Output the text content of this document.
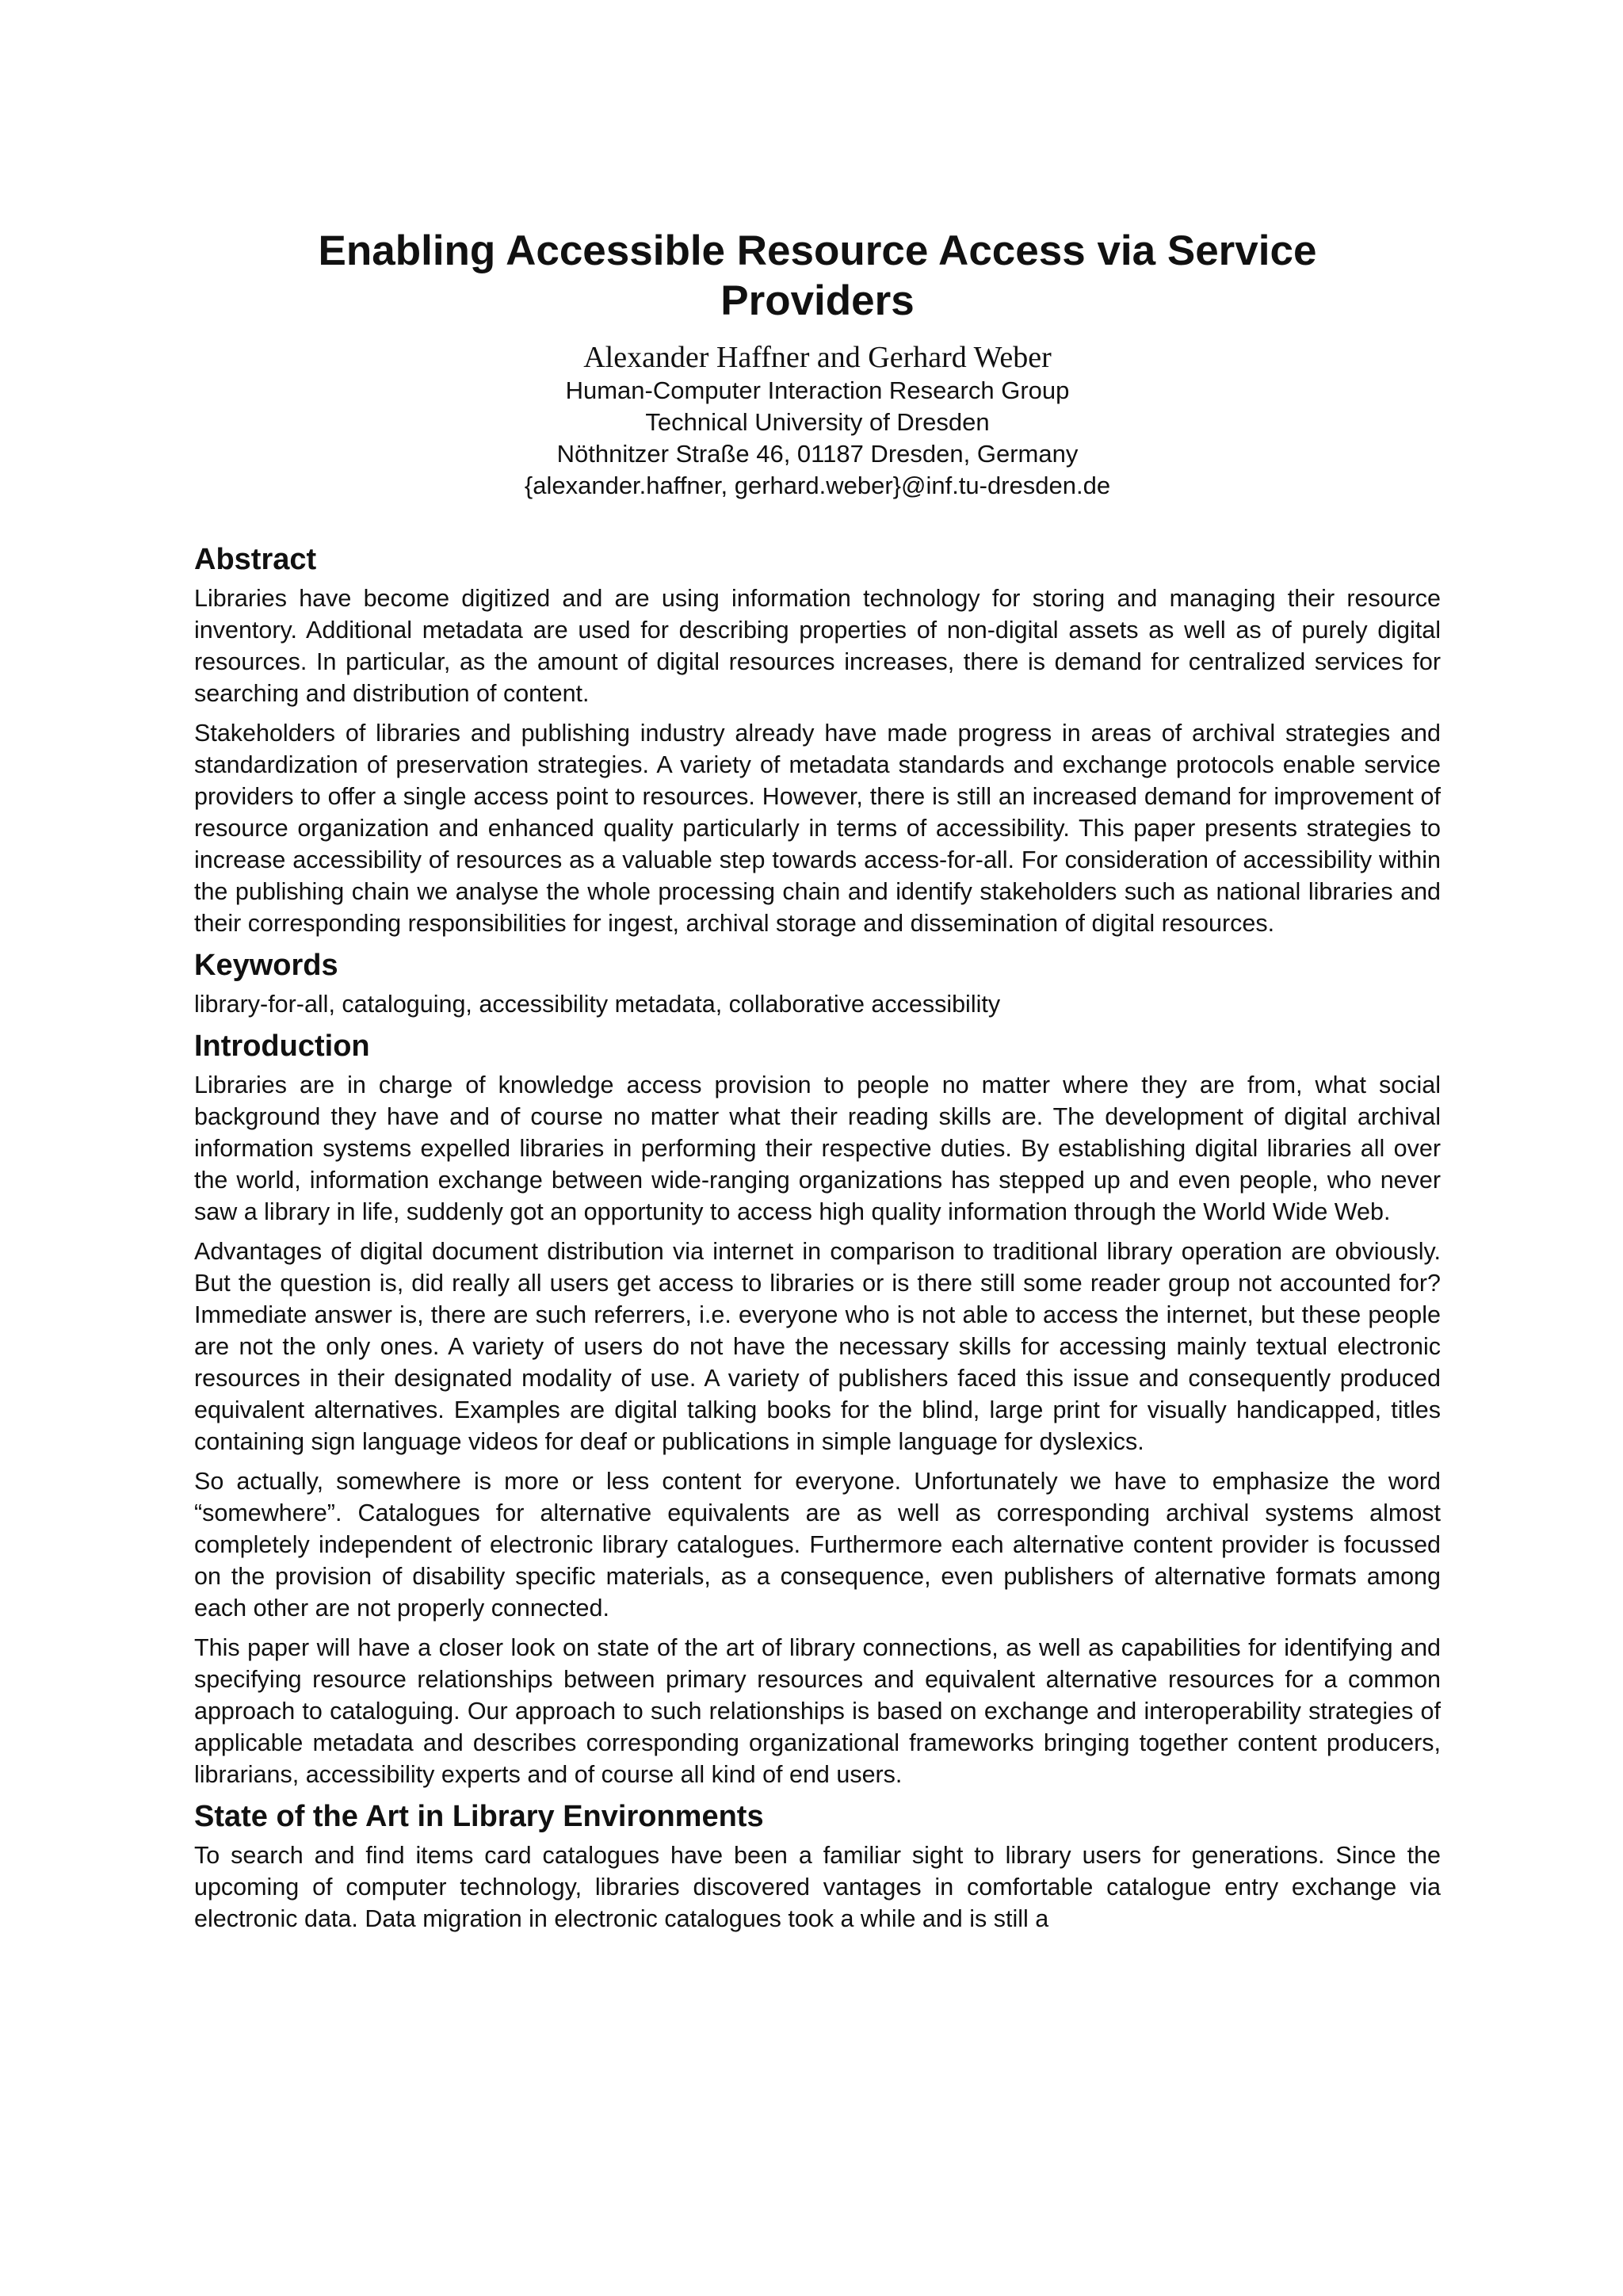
Enabling Accessible Resource Access via Service Providers
Alexander Haffner and Gerhard Weber
Human-Computer Interaction Research Group
Technical University of Dresden
Nöthnitzer Straße 46, 01187 Dresden, Germany
{alexander.haffner, gerhard.weber}@inf.tu-dresden.de
Abstract

Libraries have become digitized and are using information technology for storing and managing their resource inventory. Additional metadata are used for describing properties of non-digital assets as well as of purely digital resources. In particular, as the amount of digital resources increases, there is demand for centralized services for searching and distribution of content.

Stakeholders of libraries and publishing industry already have made progress in areas of archival strategies and standardization of preservation strategies. A variety of metadata standards and exchange protocols enable service providers to offer a single access point to resources. However, there is still an increased demand for improvement of resource organization and enhanced quality particularly in terms of accessibility. This paper presents strategies to increase accessibility of resources as a valuable step towards access-for-all. For consideration of accessibility within the publishing chain we analyse the whole processing chain and identify stakeholders such as national libraries and their corresponding responsibilities for ingest, archival storage and dissemination of digital resources.

Keywords

library-for-all, cataloguing, accessibility metadata, collaborative accessibility

Introduction

Libraries are in charge of knowledge access provision to people no matter where they are from, what social background they have and of course no matter what their reading skills are. The development of digital archival information systems expelled libraries in performing their respective duties. By establishing digital libraries all over the world, information exchange between wide-ranging organizations has stepped up and even people, who never saw a library in life, suddenly got an opportunity to access high quality information through the World Wide Web.

Advantages of digital document distribution via internet in comparison to traditional library operation are obviously. But the question is, did really all users get access to libraries or is there still some reader group not accounted for? Immediate answer is, there are such referrers, i.e. everyone who is not able to access the internet, but these people are not the only ones. A variety of users do not have the necessary skills for accessing mainly textual electronic resources in their designated modality of use. A variety of publishers faced this issue and consequently produced equivalent alternatives. Examples are digital talking books for the blind, large print for visually handicapped, titles containing sign language videos for deaf or publications in simple language for dyslexics.

So actually, somewhere is more or less content for everyone. Unfortunately we have to emphasize the word “somewhere”. Catalogues for alternative equivalents are as well as corresponding archival systems almost completely independent of electronic library catalogues. Furthermore each alternative content provider is focussed on the provision of disability specific materials, as a consequence, even publishers of alternative formats among each other are not properly connected.

This paper will have a closer look on state of the art of library connections, as well as capabilities for identifying and specifying resource relationships between primary resources and equivalent alternative resources for a common approach to cataloguing. Our approach to such relationships is based on exchange and interoperability strategies of applicable metadata and describes corresponding organizational frameworks bringing together content producers, librarians, accessibility experts and of course all kind of end users.

State of the Art in Library Environments

To search and find items card catalogues have been a familiar sight to library users for generations. Since the upcoming of computer technology, libraries discovered vantages in comfortable catalogue entry exchange via electronic data. Data migration in electronic catalogues took a while and is still a
